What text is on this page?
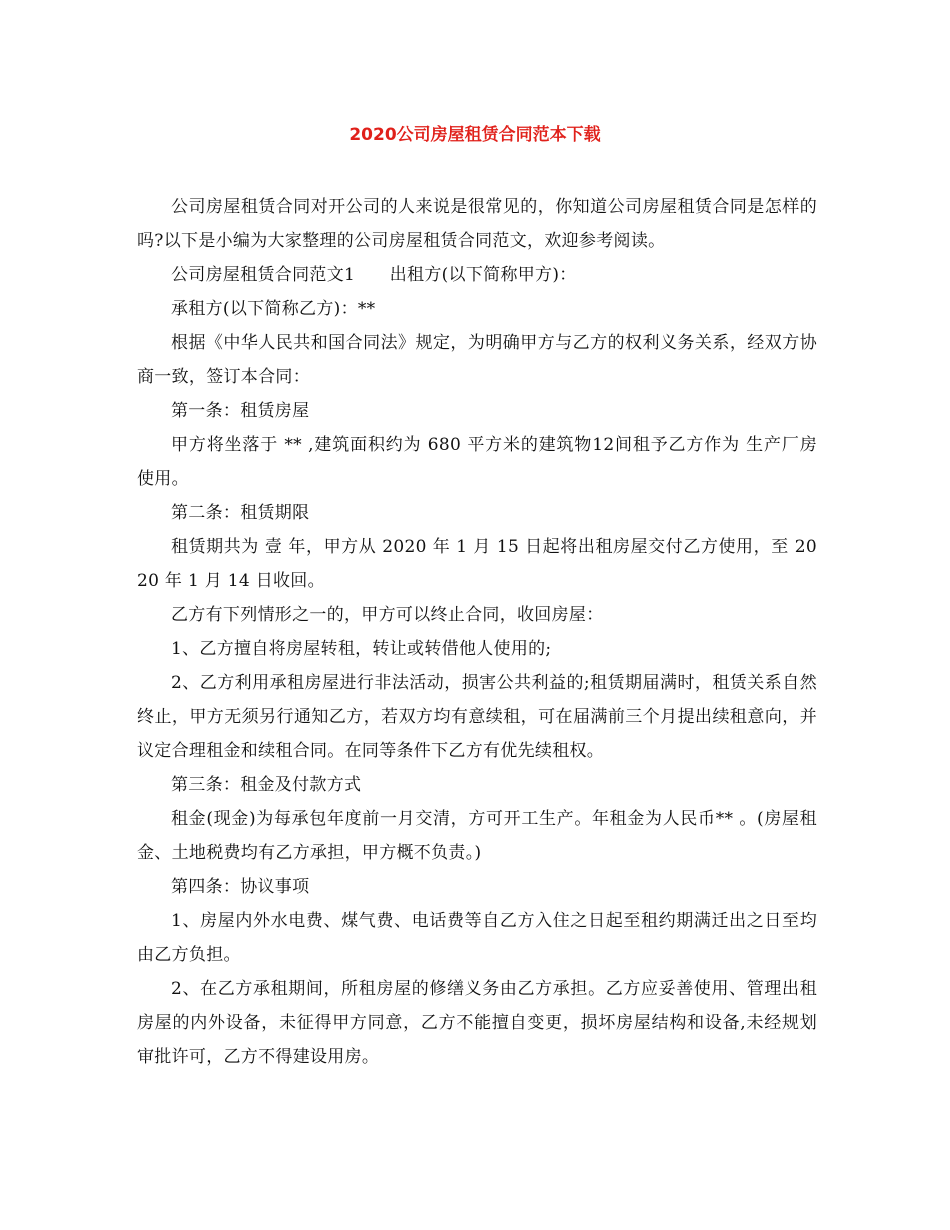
2020公司房屋租赁合同范本下载

公司房屋租赁合同对开公司的人来说是很常见的，你知道公司房屋租赁合同是怎样的吗?以下是小编为大家整理的公司房屋租赁合同范文，欢迎参考阅读。

公司房屋租赁合同范文1　　出租方(以下简称甲方)：

承租方(以下简称乙方)：**

根据《中华人民共和国合同法》规定，为明确甲方与乙方的权利义务关系，经双方协商一致，签订本合同：

第一条：租赁房屋

甲方将坐落于 ** ,建筑面积约为 680 平方米的建筑物12间租予乙方作为 生产厂房 使用。

第二条：租赁期限

租赁期共为 壹 年，甲方从 2020 年 1 月 15 日起将出租房屋交付乙方使用，至 2020 年 1 月 14 日收回。

乙方有下列情形之一的，甲方可以终止合同，收回房屋：

1、乙方擅自将房屋转租，转让或转借他人使用的;

2、乙方利用承租房屋进行非法活动，损害公共利益的;租赁期届满时，租赁关系自然终止，甲方无须另行通知乙方，若双方均有意续租，可在届满前三个月提出续租意向，并议定合理租金和续租合同。在同等条件下乙方有优先续租权。

第三条：租金及付款方式

租金(现金)为每承包年度前一月交清，方可开工生产。年租金为人民币** 。(房屋租金、土地税费均有乙方承担，甲方概不负责。)

第四条：协议事项

1、房屋内外水电费、煤气费、电话费等自乙方入住之日起至租约期满迁出之日至均由乙方负担。

2、在乙方承租期间，所租房屋的修缮义务由乙方承担。乙方应妥善使用、管理出租房屋的内外设备，未征得甲方同意，乙方不能擅自变更，损坏房屋结构和设备,未经规划审批许可，乙方不得建设用房。
